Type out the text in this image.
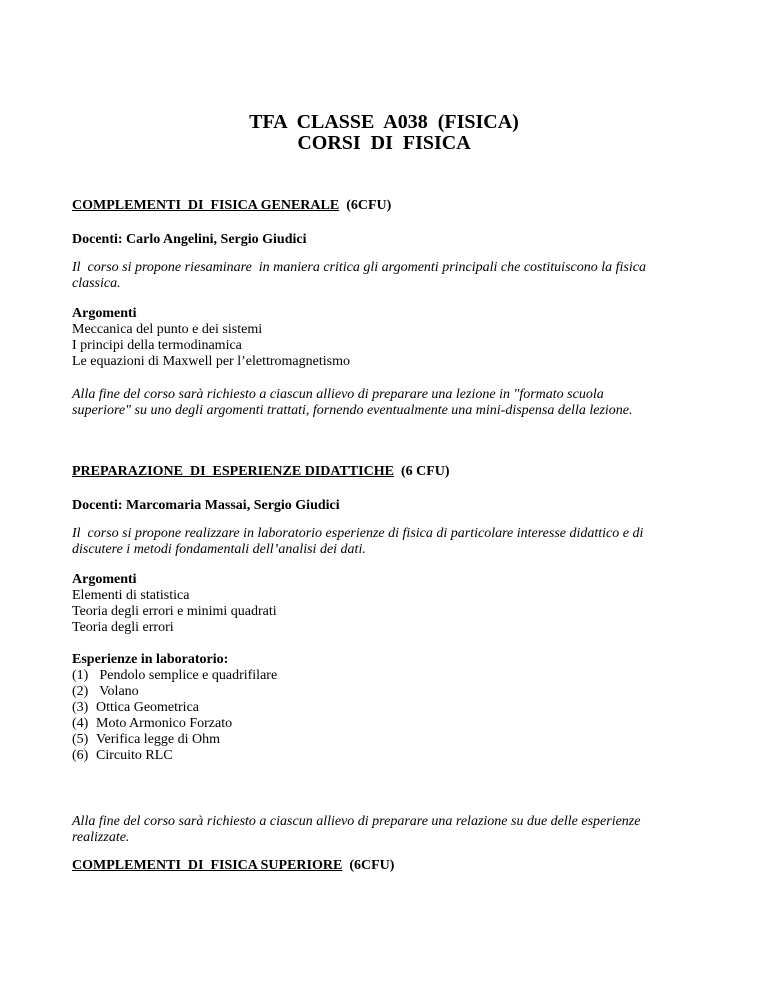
TFA  CLASSE  A038  (FISICA)
CORSI  DI  FISICA
COMPLEMENTI  DI  FISICA GENERALE  (6CFU)
Docenti: Carlo Angelini, Sergio Giudici
Il  corso si propone riesaminare  in maniera critica gli argomenti principali che costituiscono la fisica
classica.
Argomenti
Meccanica del punto e dei sistemi
I principi della termodinamica
Le equazioni di Maxwell per l’elettromagnetismo
Alla fine del corso sarà richiesto a ciascun allievo di preparare una lezione in "formato scuola
superiore" su uno degli argomenti trattati, fornendo eventualmente una mini-dispensa della lezione.
PREPARAZIONE  DI  ESPERIENZE DIDATTICHE  (6 CFU)
Docenti: Marcomaria Massai, Sergio Giudici
Il  corso si propone realizzare in laboratorio esperienze di fisica di particolare interesse didattico e di
discutere i metodi fondamentali dell’analisi dei dati.
Argomenti
Elementi di statistica
Teoria degli errori e minimi quadrati
Teoria degli errori
Esperienze in laboratorio:
(1) Pendolo semplice e quadrifilare
(2) Volano
(3) Ottica Geometrica
(4) Moto Armonico Forzato
(5) Verifica legge di Ohm
(6) Circuito RLC
Alla fine del corso sarà richiesto a ciascun allievo di preparare una relazione su due delle esperienze
realizzate.
COMPLEMENTI  DI  FISICA SUPERIORE  (6CFU)
